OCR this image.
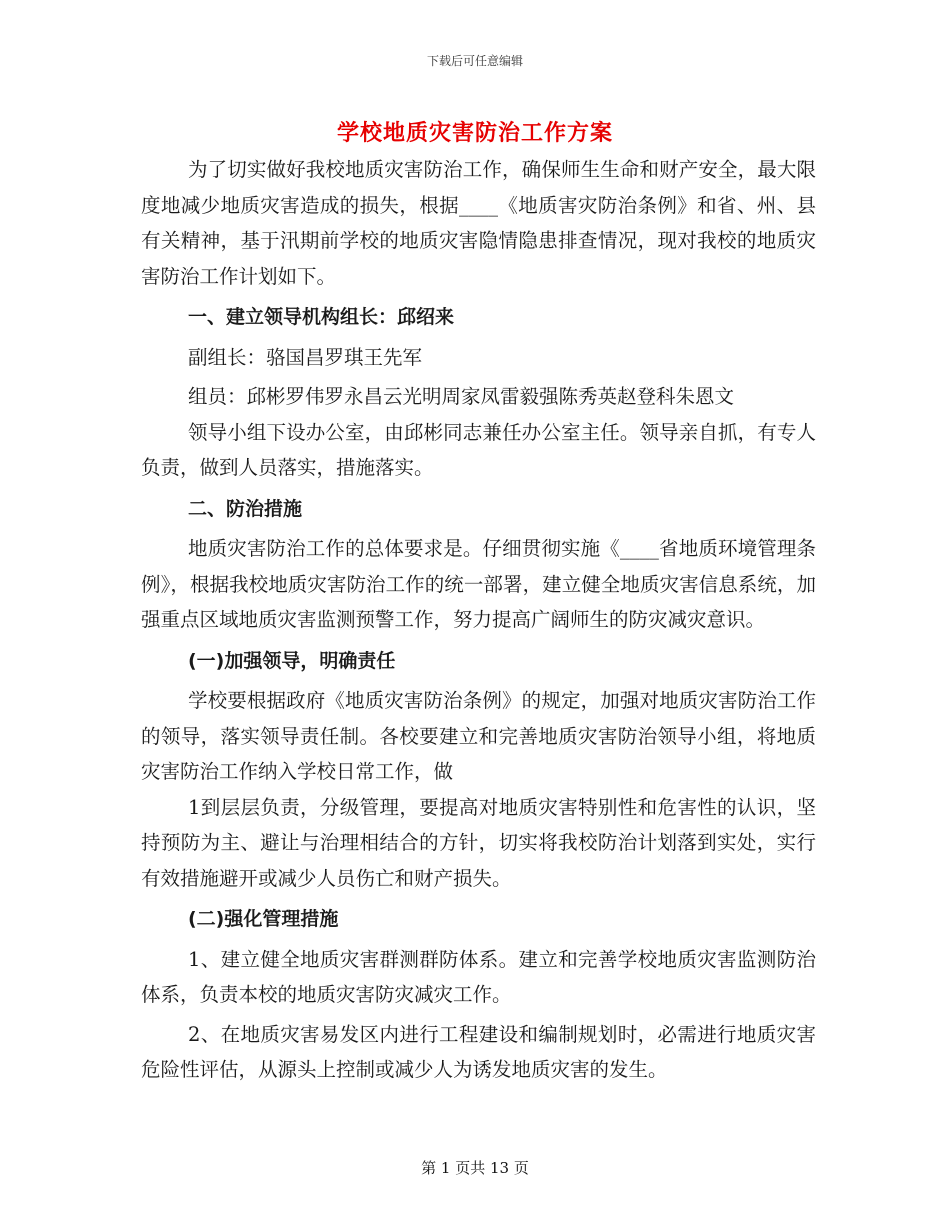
下载后可任意编辑
学校地质灾害防治工作方案

为了切实做好我校地质灾害防治工作，确保师生生命和财产安全，最大限度地减少地质灾害造成的损失，根据____《地质害灾防治条例》和省、州、县有关精神，基于汛期前学校的地质灾害隐情隐患排查情况，现对我校的地质灾害防治工作计划如下。

一、建立领导机构组长：邱绍来

副组长：骆国昌罗琪王先军

组员：邱彬罗伟罗永昌云光明周家凤雷毅强陈秀英赵登科朱恩文

领导小组下设办公室，由邱彬同志兼任办公室主任。领导亲自抓，有专人负责，做到人员落实，措施落实。

二、防治措施

地质灾害防治工作的总体要求是。仔细贯彻实施《____省地质环境管理条例》，根据我校地质灾害防治工作的统一部署，建立健全地质灾害信息系统，加强重点区域地质灾害监测预警工作，努力提高广阔师生的防灾减灾意识。

(一)加强领导，明确责任

学校要根据政府《地质灾害防治条例》的规定，加强对地质灾害防治工作的领导，落实领导责任制。各校要建立和完善地质灾害防治领导小组，将地质灾害防治工作纳入学校日常工作，做

1到层层负责，分级管理，要提高对地质灾害特别性和危害性的认识，坚持预防为主、避让与治理相结合的方针，切实将我校防治计划落到实处，实行有效措施避开或减少人员伤亡和财产损失。

(二)强化管理措施

1、建立健全地质灾害群测群防体系。建立和完善学校地质灾害监测防治体系，负责本校的地质灾害防灾减灾工作。

2、在地质灾害易发区内进行工程建设和编制规划时，必需进行地质灾害危险性评估，从源头上控制或减少人为诱发地质灾害的发生。

第 1 页共 13 页
